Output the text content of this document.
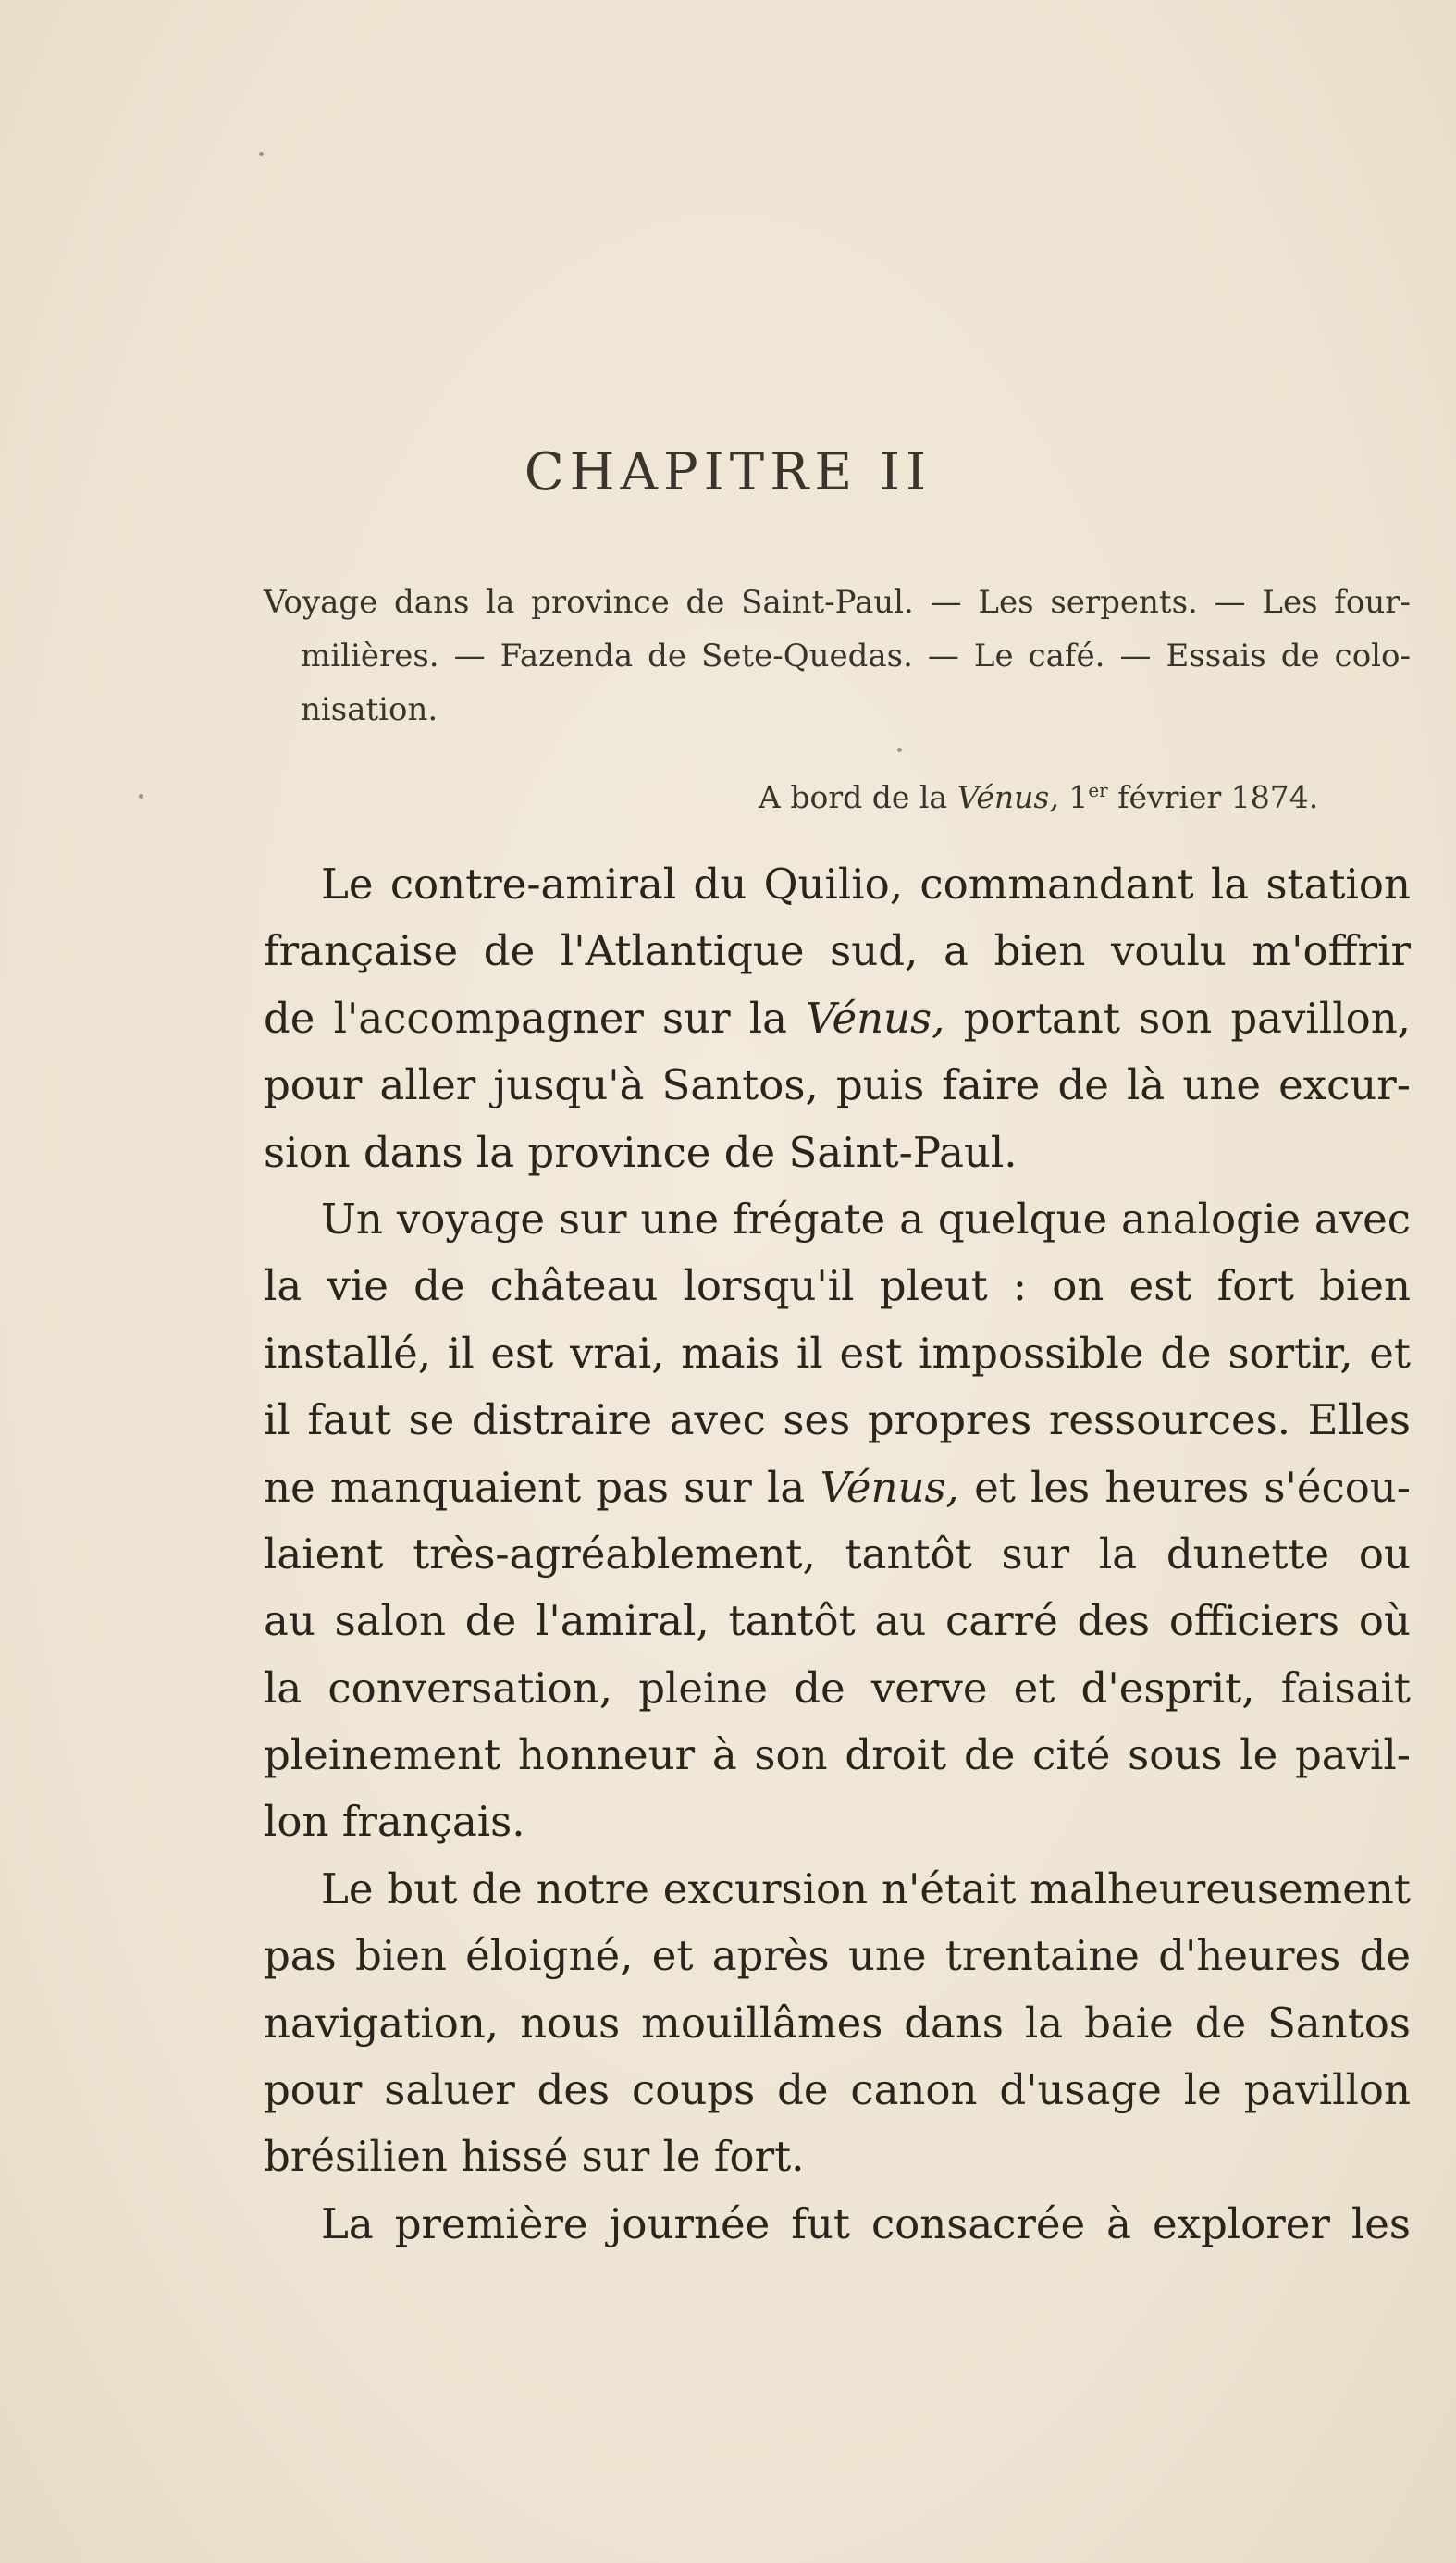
CHAPITRE II
Voyage dans la province de Saint-Paul. — Les serpents. — Les four-
milières. — Fazenda de Sete-Quedas. — Le café. — Essais de colo-
nisation.
A bord de la Vénus, 1er février 1874.
Le contre-amiral du Quilio, commandant la station
française de l'Atlantique sud, a bien voulu m'offrir
de l'accompagner sur la Vénus, portant son pavillon,
pour aller jusqu'à Santos, puis faire de là une excur-
sion dans la province de Saint-Paul.
Un voyage sur une frégate a quelque analogie avec
la vie de château lorsqu'il pleut : on est fort bien
installé, il est vrai, mais il est impossible de sortir, et
il faut se distraire avec ses propres ressources. Elles
ne manquaient pas sur la Vénus, et les heures s'écou-
laient très-agréablement, tantôt sur la dunette ou
au salon de l'amiral, tantôt au carré des officiers où
la conversation, pleine de verve et d'esprit, faisait
pleinement honneur à son droit de cité sous le pavil-
lon français.
Le but de notre excursion n'était malheureusement
pas bien éloigné, et après une trentaine d'heures de
navigation, nous mouillâmes dans la baie de Santos
pour saluer des coups de canon d'usage le pavillon
brésilien hissé sur le fort.
La première journée fut consacrée à explorer les
